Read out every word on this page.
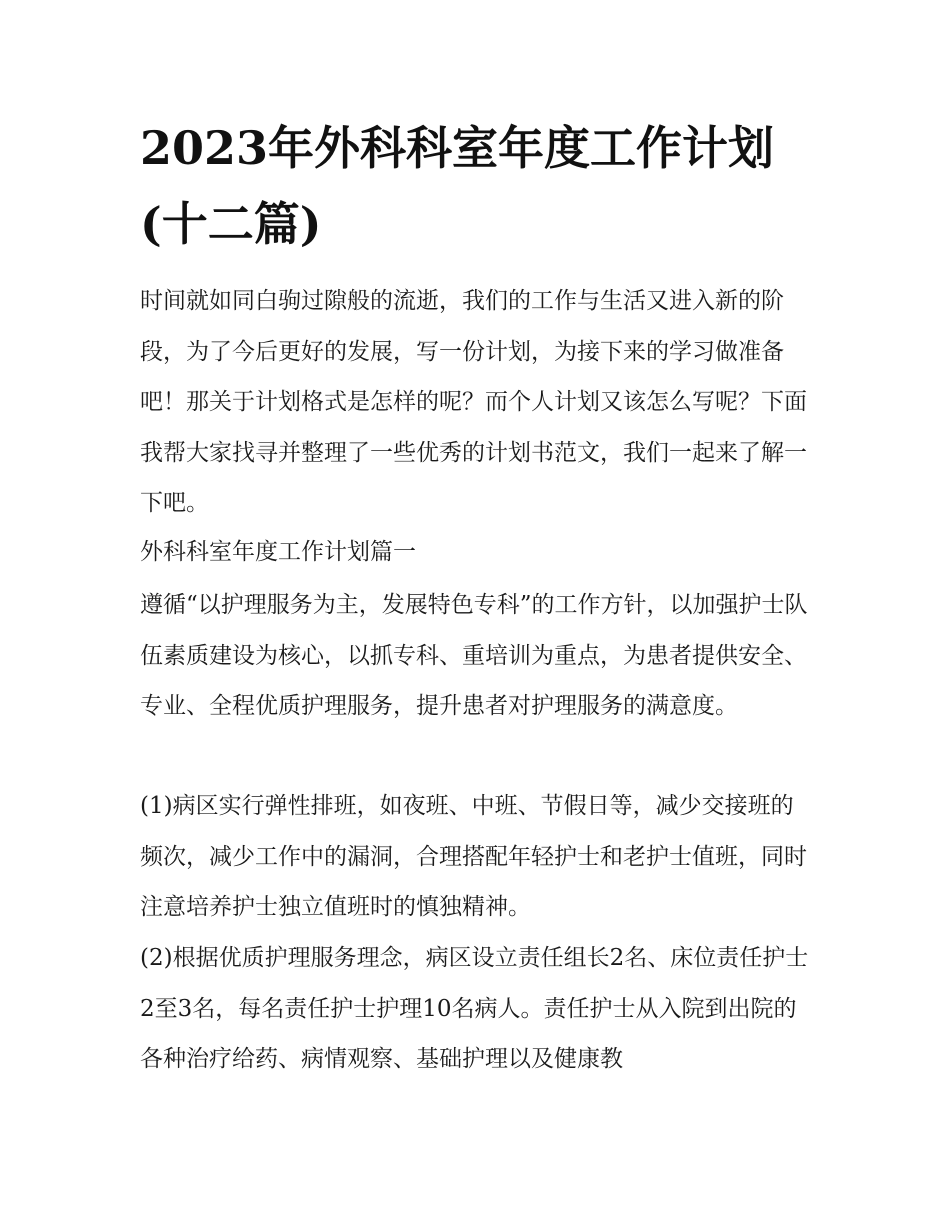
2023年外科科室年度工作计划(十二篇)

时间就如同白驹过隙般的流逝，我们的工作与生活又进入新的阶段，为了今后更好的发展，写一份计划，为接下来的学习做准备吧！那关于计划格式是怎样的呢？而个人计划又该怎么写呢？下面我帮大家找寻并整理了一些优秀的计划书范文，我们一起来了解一下吧。

外科科室年度工作计划篇一

遵循“以护理服务为主，发展特色专科”的工作方针，以加强护士队伍素质建设为核心，以抓专科、重培训为重点，为患者提供安全、专业、全程优质护理服务，提升患者对护理服务的满意度。

(1)病区实行弹性排班，如夜班、中班、节假日等，减少交接班的频次，减少工作中的漏洞，合理搭配年轻护士和老护士值班，同时注意培养护士独立值班时的慎独精神。

(2)根据优质护理服务理念，病区设立责任组长2名、床位责任护士2至3名，每名责任护士护理10名病人。责任护士从入院到出院的各种治疗给药、病情观察、基础护理以及健康教
